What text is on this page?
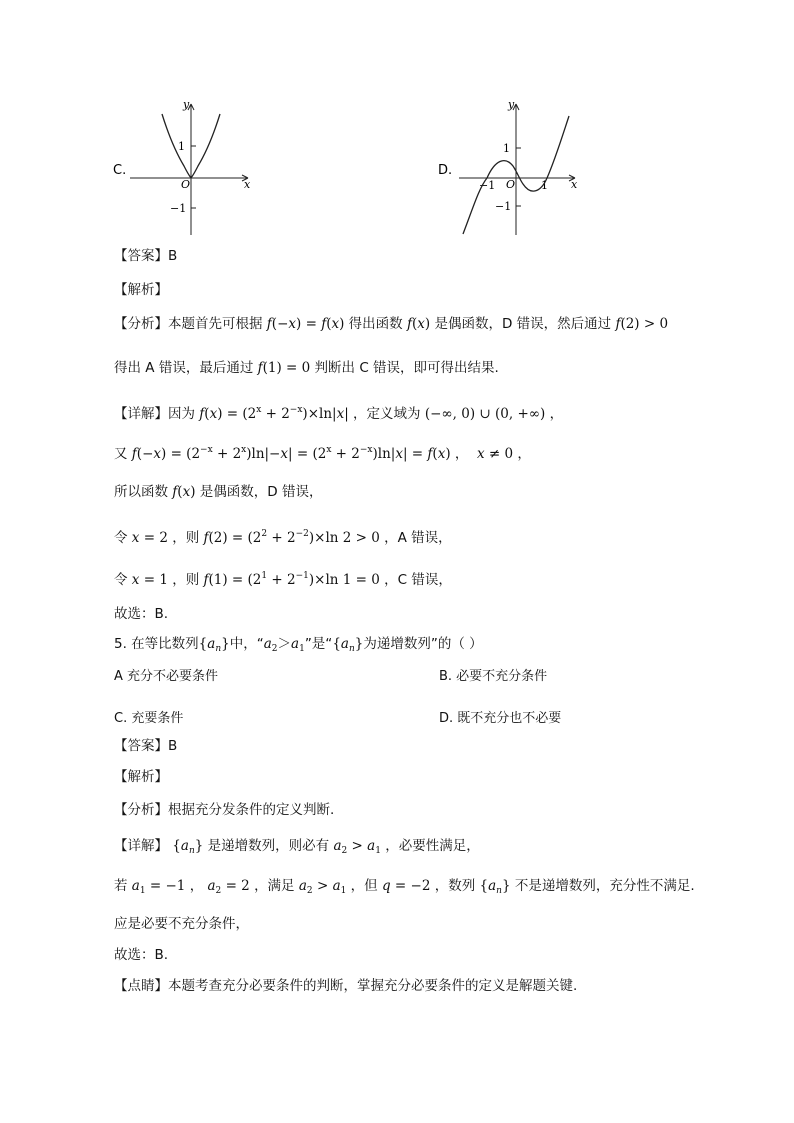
C.
1
−1
O	x
y
D.
1
−1
−1	1
O	x
y
【答案】B
【解析】
【分析】本题首先可根据 f(−x) = f(x) 得出函数 f(x) 是偶函数，D 错误，然后通过 f(2) > 0
得出 A 错误，最后通过 f(1) = 0 判断出 C 错误，即可得出结果.
【详解】因为 $f(x) = (2^x + 2^{-x})\times\ln|x|$ ，定义域为 (−∞, 0) ∪ (0, +∞) ，
又 $f(-x) = (2^{-x} + 2^x)\ln|-x| = (2^x + 2^{-x})\ln|x| = f(x)$ ， x ≠ 0 ，
所以函数 f(x) 是偶函数，D 错误，
令 x = 2 ，则 $f(2) = (2^2 + 2^{-2})\times\ln$ 2 > 0 ，A 错误，
令 x = 1 ，则 $f(1) = (2^1 + 2^{-1})\times\ln$ 1 = 0 ，C 错误，
故选：B.
5. 在等比数列$\{a_n\}$中，“$a_2>a_1$”是“$\{a_n\}$为递增数列”的（ ）
A 充分不必要条件	B. 必要不充分条件
C. 充要条件	D. 既不充分也不必要
【答案】B
【解析】
【分析】根据充分发条件的定义判断.
【详解】 $\{a_n\}$ 是递增数列，则必有 $a_2 > a_1$ ，必要性满足，
若 $a_1 = -1$ ， $a_2 = 2$ ，满足 $a_2 > a_1$ ，但 q = −2 ，数列 $\{a_n\}$ 不是递增数列，充分性不满足.
应是必要不充分条件，
故选：B.
【点睛】本题考查充分必要条件的判断，掌握充分必要条件的定义是解题关键.
